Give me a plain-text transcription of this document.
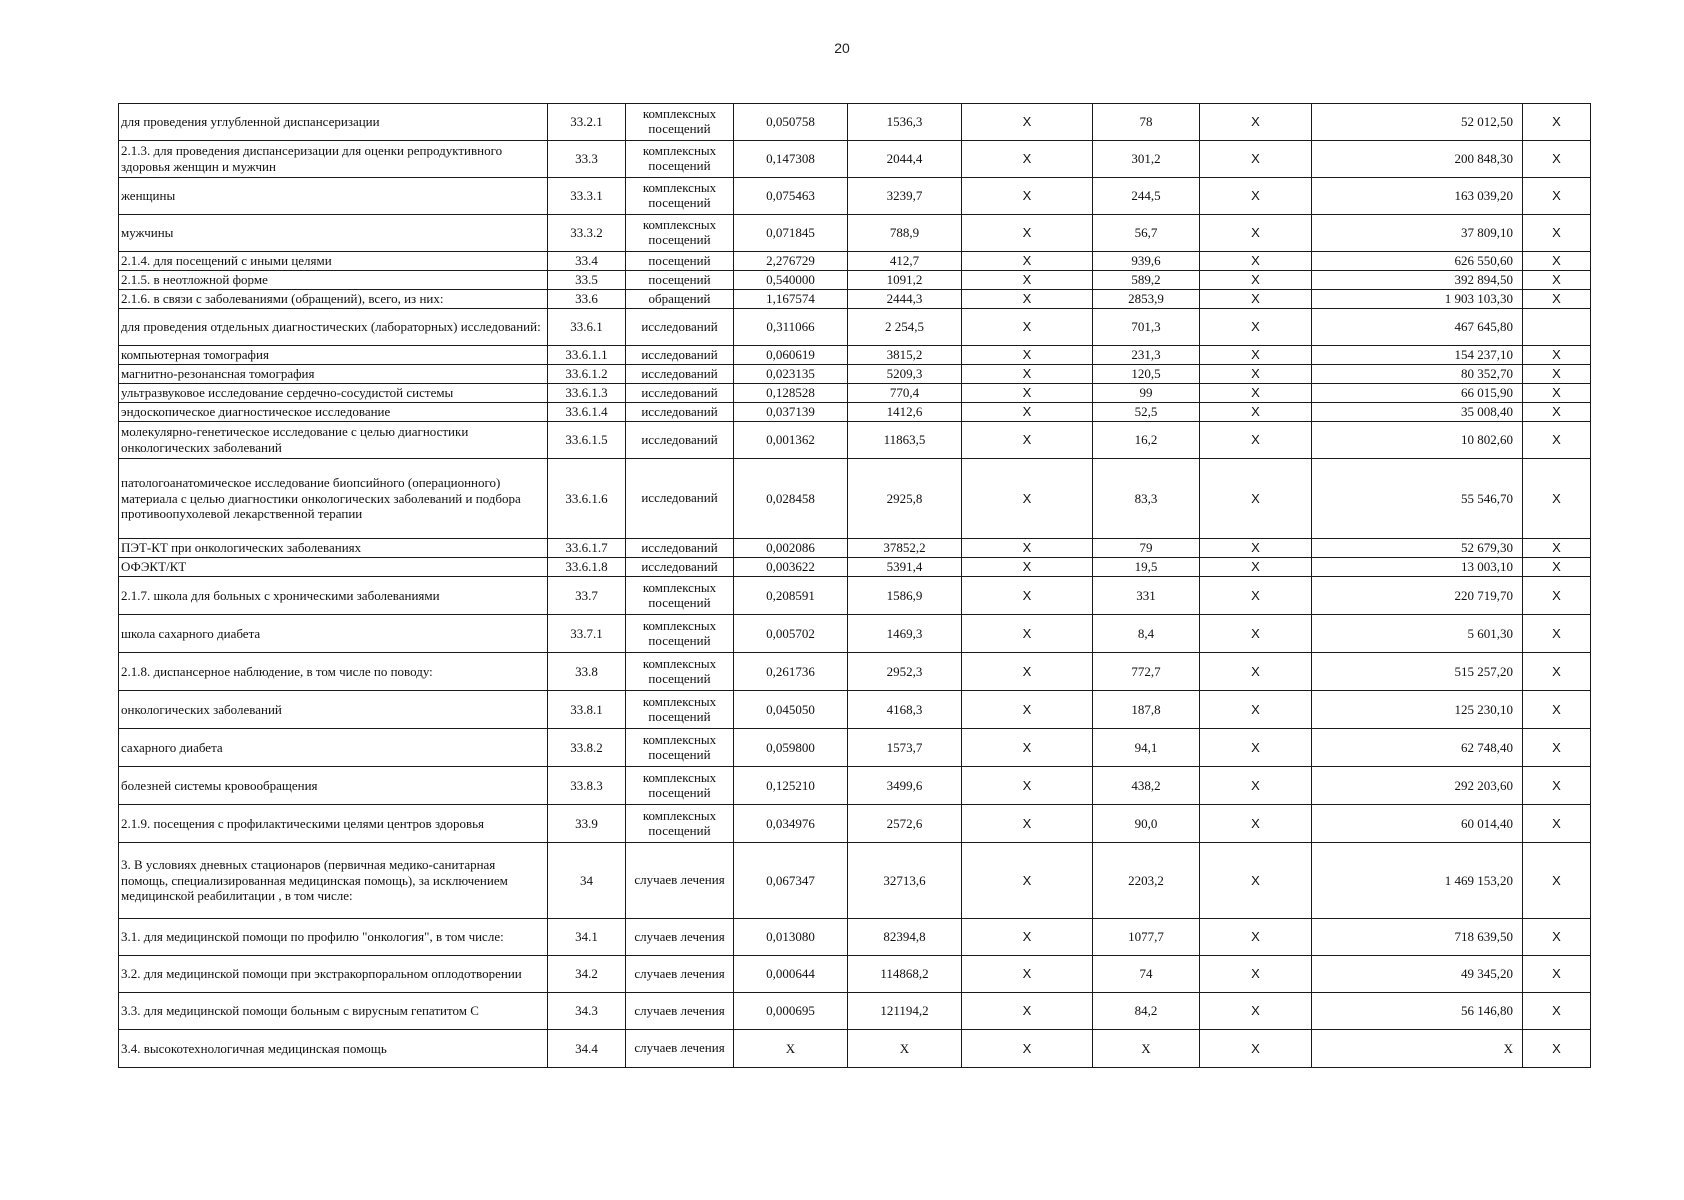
20
для проведения углубленной диспансеризации	33.2.1	комплексных посещений	0,050758	1536,3	X	78	X	52 012,50	X
2.1.3. для проведения диспансеризации для оценки репродуктивного здоровья женщин и мужчин	33.3	комплексных посещений	0,147308	2044,4	X	301,2	X	200 848,30	X
женщины	33.3.1	комплексных посещений	0,075463	3239,7	X	244,5	X	163 039,20	X
мужчины	33.3.2	комплексных посещений	0,071845	788,9	X	56,7	X	37 809,10	X
2.1.4. для посещений с иными целями	33.4	посещений	2,276729	412,7	X	939,6	X	626 550,60	X
2.1.5. в неотложной форме	33.5	посещений	0,540000	1091,2	X	589,2	X	392 894,50	X
2.1.6. в связи с заболеваниями (обращений), всего, из них:	33.6	обращений	1,167574	2444,3	X	2853,9	X	1 903 103,30	X
для проведения отдельных диагностических (лабораторных) исследований:	33.6.1	исследований	0,311066	2 254,5	X	701,3	X	467 645,80	
компьютерная томография	33.6.1.1	исследований	0,060619	3815,2	X	231,3	X	154 237,10	X
магнитно-резонансная томография	33.6.1.2	исследований	0,023135	5209,3	X	120,5	X	80 352,70	X
ультразвуковое исследование сердечно-сосудистой системы	33.6.1.3	исследований	0,128528	770,4	X	99	X	66 015,90	X
эндоскопическое диагностическое исследование	33.6.1.4	исследований	0,037139	1412,6	X	52,5	X	35 008,40	X
молекулярно-генетическое исследование с целью диагностики онкологических заболеваний	33.6.1.5	исследований	0,001362	11863,5	X	16,2	X	10 802,60	X
патологоанатомическое исследование биопсийного (операционного) материала с целью диагностики онкологических заболеваний и подбора противоопухолевой лекарственной терапии	33.6.1.6	исследований	0,028458	2925,8	X	83,3	X	55 546,70	X
ПЭТ-КТ при онкологических заболеваниях	33.6.1.7	исследований	0,002086	37852,2	X	79	X	52 679,30	X
ОФЭКТ/КТ	33.6.1.8	исследований	0,003622	5391,4	X	19,5	X	13 003,10	X
2.1.7. школа для больных с хроническими заболеваниями	33.7	комплексных посещений	0,208591	1586,9	X	331	X	220 719,70	X
школа сахарного диабета	33.7.1	комплексных посещений	0,005702	1469,3	X	8,4	X	5 601,30	X
2.1.8. диспансерное наблюдение, в том числе по поводу:	33.8	комплексных посещений	0,261736	2952,3	X	772,7	X	515 257,20	X
онкологических заболеваний	33.8.1	комплексных посещений	0,045050	4168,3	X	187,8	X	125 230,10	X
сахарного диабета	33.8.2	комплексных посещений	0,059800	1573,7	X	94,1	X	62 748,40	X
болезней системы кровообращения	33.8.3	комплексных посещений	0,125210	3499,6	X	438,2	X	292 203,60	X
2.1.9. посещения с профилактическими целями центров здоровья	33.9	комплексных посещений	0,034976	2572,6	X	90,0	X	60 014,40	X
3. В условиях дневных стационаров (первичная медико-санитарная помощь, специализированная медицинская помощь), за исключением медицинской реабилитации , в том числе:	34	случаев лечения	0,067347	32713,6	X	2203,2	X	1 469 153,20	X
3.1. для медицинской помощи по профилю "онкология", в том числе:	34.1	случаев лечения	0,013080	82394,8	X	1077,7	X	718 639,50	X
3.2. для медицинской помощи при экстракорпоральном оплодотворении	34.2	случаев лечения	0,000644	114868,2	X	74	X	49 345,20	X
3.3. для медицинской помощи больным с вирусным гепатитом С	34.3	случаев лечения	0,000695	121194,2	X	84,2	X	56 146,80	X
3.4. высокотехнологичная медицинская помощь	34.4	случаев лечения	X	X	X	X	X	X	X
